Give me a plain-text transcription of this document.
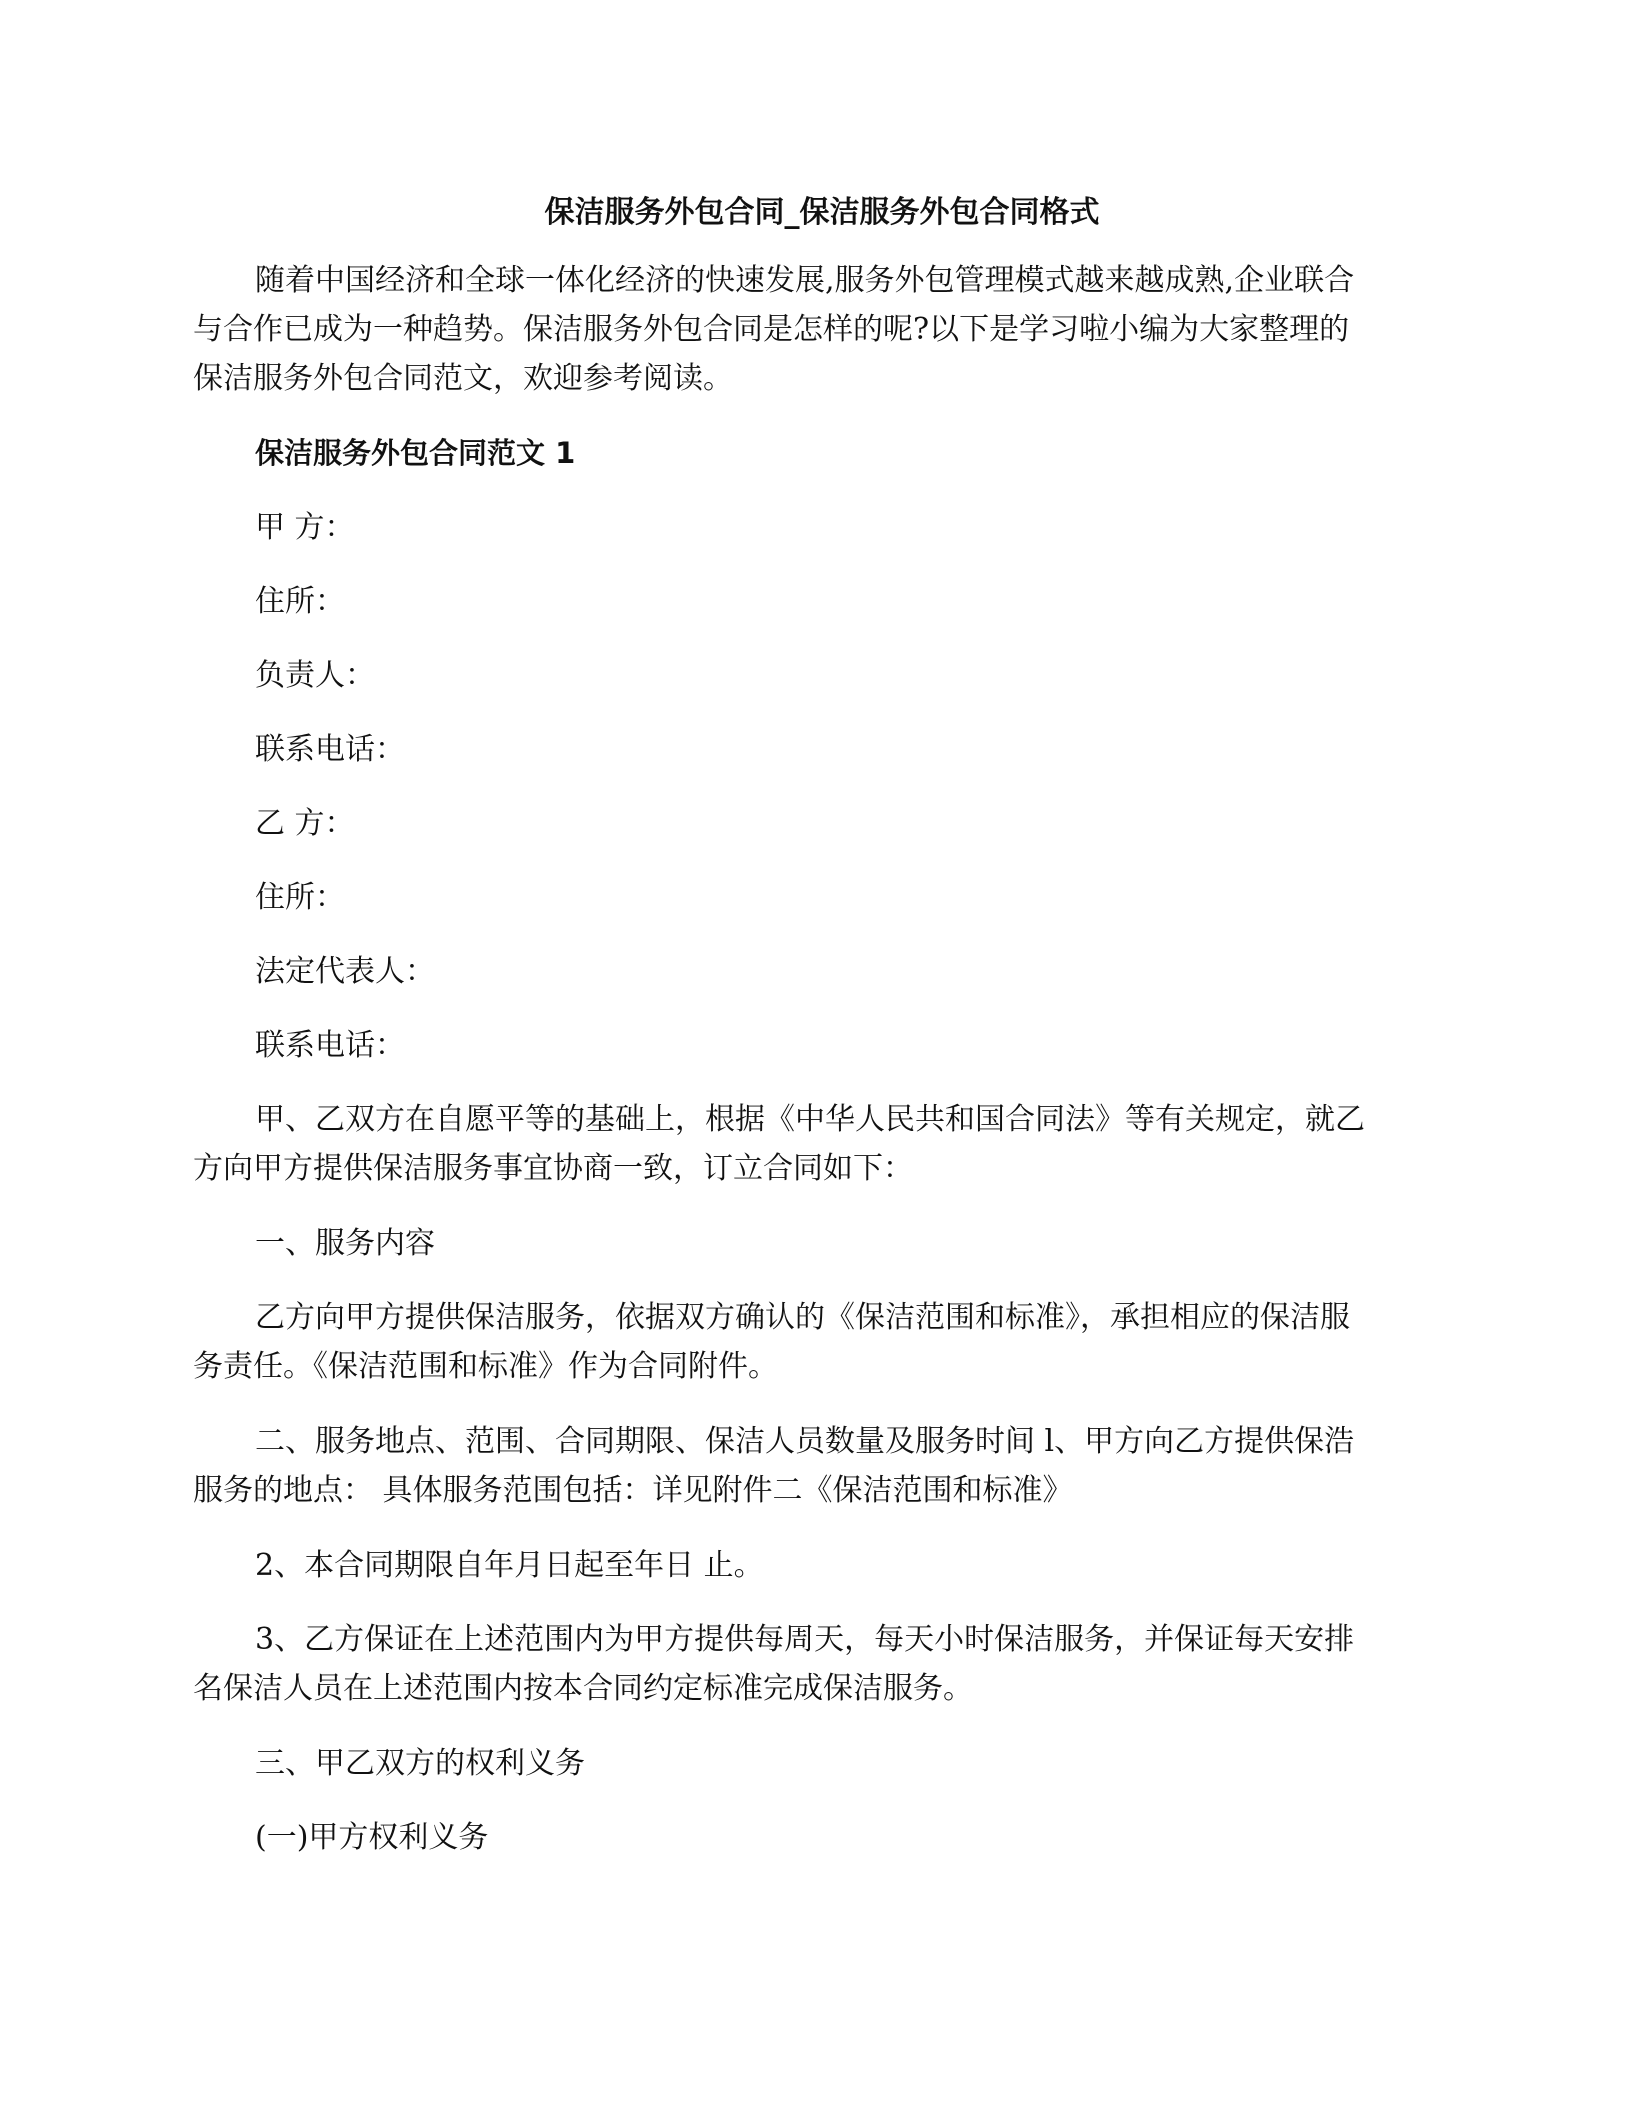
保洁服务外包合同_保洁服务外包合同格式
随着中国经济和全球一体化经济的快速发展,服务外包管理模式越来越成熟,企业联合
与合作已成为一种趋势。保洁服务外包合同是怎样的呢?以下是学习啦小编为大家整理的
保洁服务外包合同范文，欢迎参考阅读。
保洁服务外包合同范文 1
甲 方：
住所：
负责人：
联系电话：
乙 方：
住所：
法定代表人：
联系电话：
甲、乙双方在自愿平等的基础上，根据《中华人民共和国合同法》等有关规定，就乙
方向甲方提供保洁服务事宜协商一致，订立合同如下：
一、服务内容
乙方向甲方提供保洁服务，依据双方确认的《保洁范围和标准》，承担相应的保洁服
务责任。《保洁范围和标准》作为合同附件。
二、服务地点、范围、合同期限、保洁人员数量及服务时间 l、甲方向乙方提供保浩
服务的地点： 具体服务范围包括：详见附件二《保洁范围和标准》
2、本合同期限自年月日起至年日 止。
3、乙方保证在上述范围内为甲方提供每周天，每天小时保洁服务，并保证每天安排
名保洁人员在上述范围内按本合同约定标准完成保洁服务。
三、甲乙双方的权利义务
(一)甲方权利义务
